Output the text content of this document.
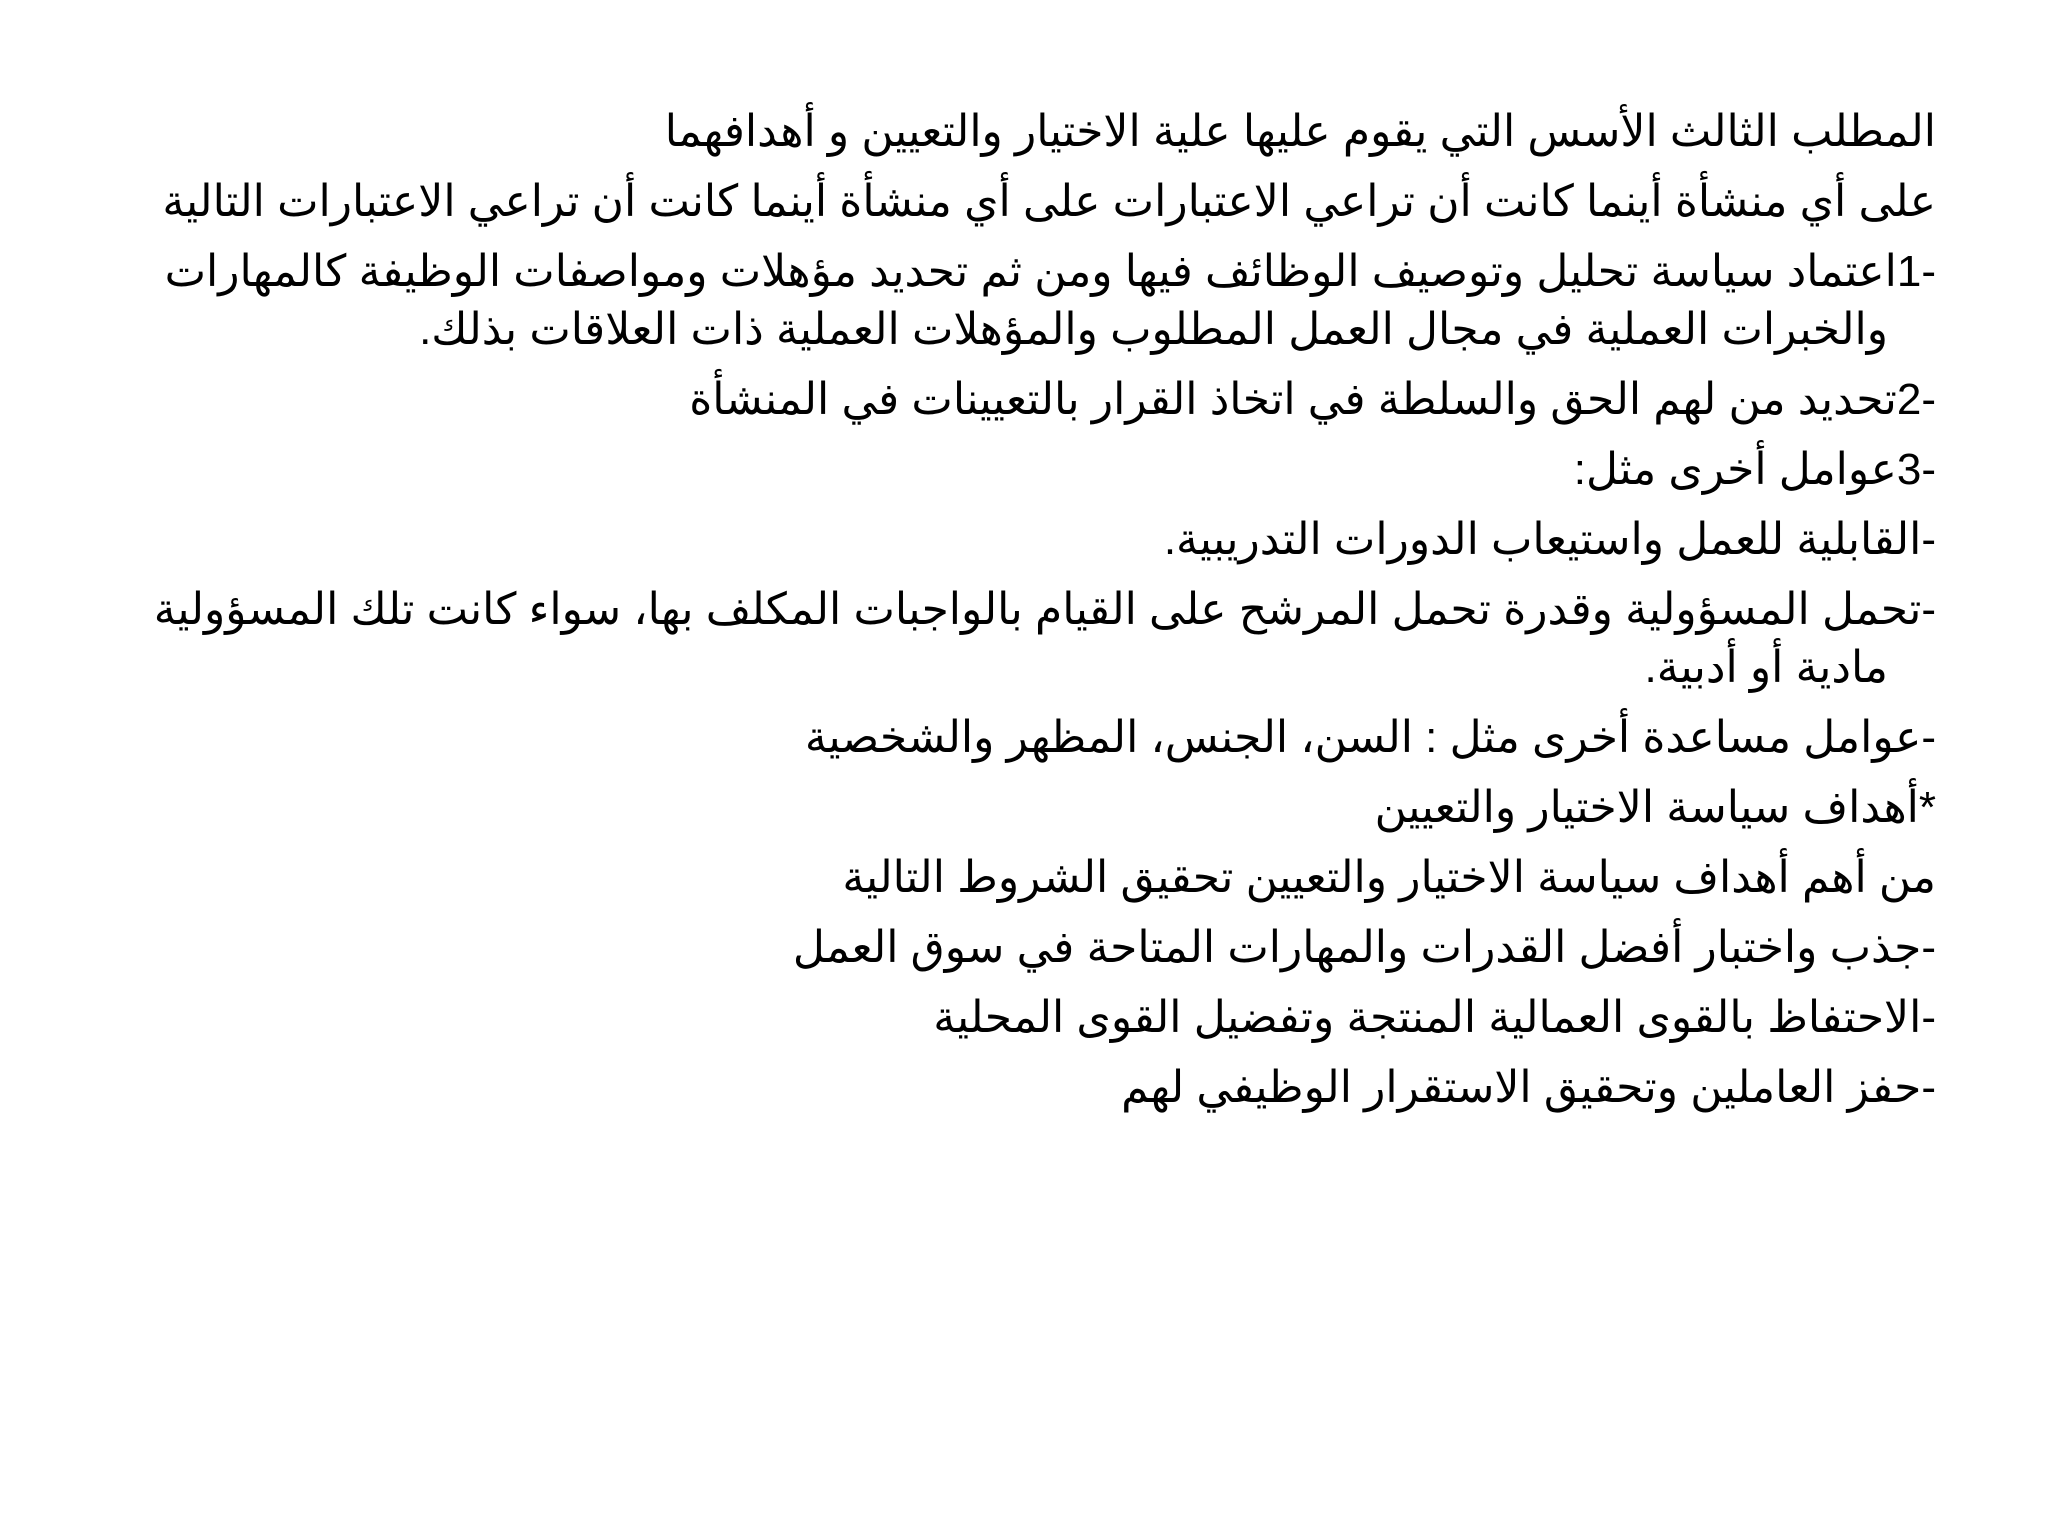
المطلب الثالث الأسس التي يقوم عليها علية الاختيار والتعيين و أهدافهما

على أي منشأة أينما كانت أن تراعي الاعتبارات على أي منشأة أينما كانت أن تراعي الاعتبارات التالية

1-اعتماد سياسة تحليل وتوصيف الوظائف فيها ومن ثم تحديد مؤهلات ومواصفات الوظيفة كالمهارات والخبرات العملية في مجال العمل المطلوب والمؤهلات العملية ذات العلاقات بذلك.

2-تحديد من لهم الحق والسلطة في اتخاذ القرار بالتعيينات في المنشأة

3-عوامل أخرى مثل:

-القابلية للعمل واستيعاب الدورات التدريبية.

-تحمل المسؤولية وقدرة تحمل المرشح على القيام بالواجبات المكلف بها، سواء كانت تلك المسؤولية مادية أو أدبية.

-عوامل مساعدة أخرى مثل : السن، الجنس، المظهر والشخصية

*أهداف سياسة الاختيار والتعيين

من أهم أهداف سياسة الاختيار والتعيين تحقيق الشروط التالية

-جذب واختبار أفضل القدرات والمهارات المتاحة في سوق العمل

-الاحتفاظ بالقوى العمالية المنتجة وتفضيل القوى المحلية

-حفز العاملين وتحقيق الاستقرار الوظيفي لهم
